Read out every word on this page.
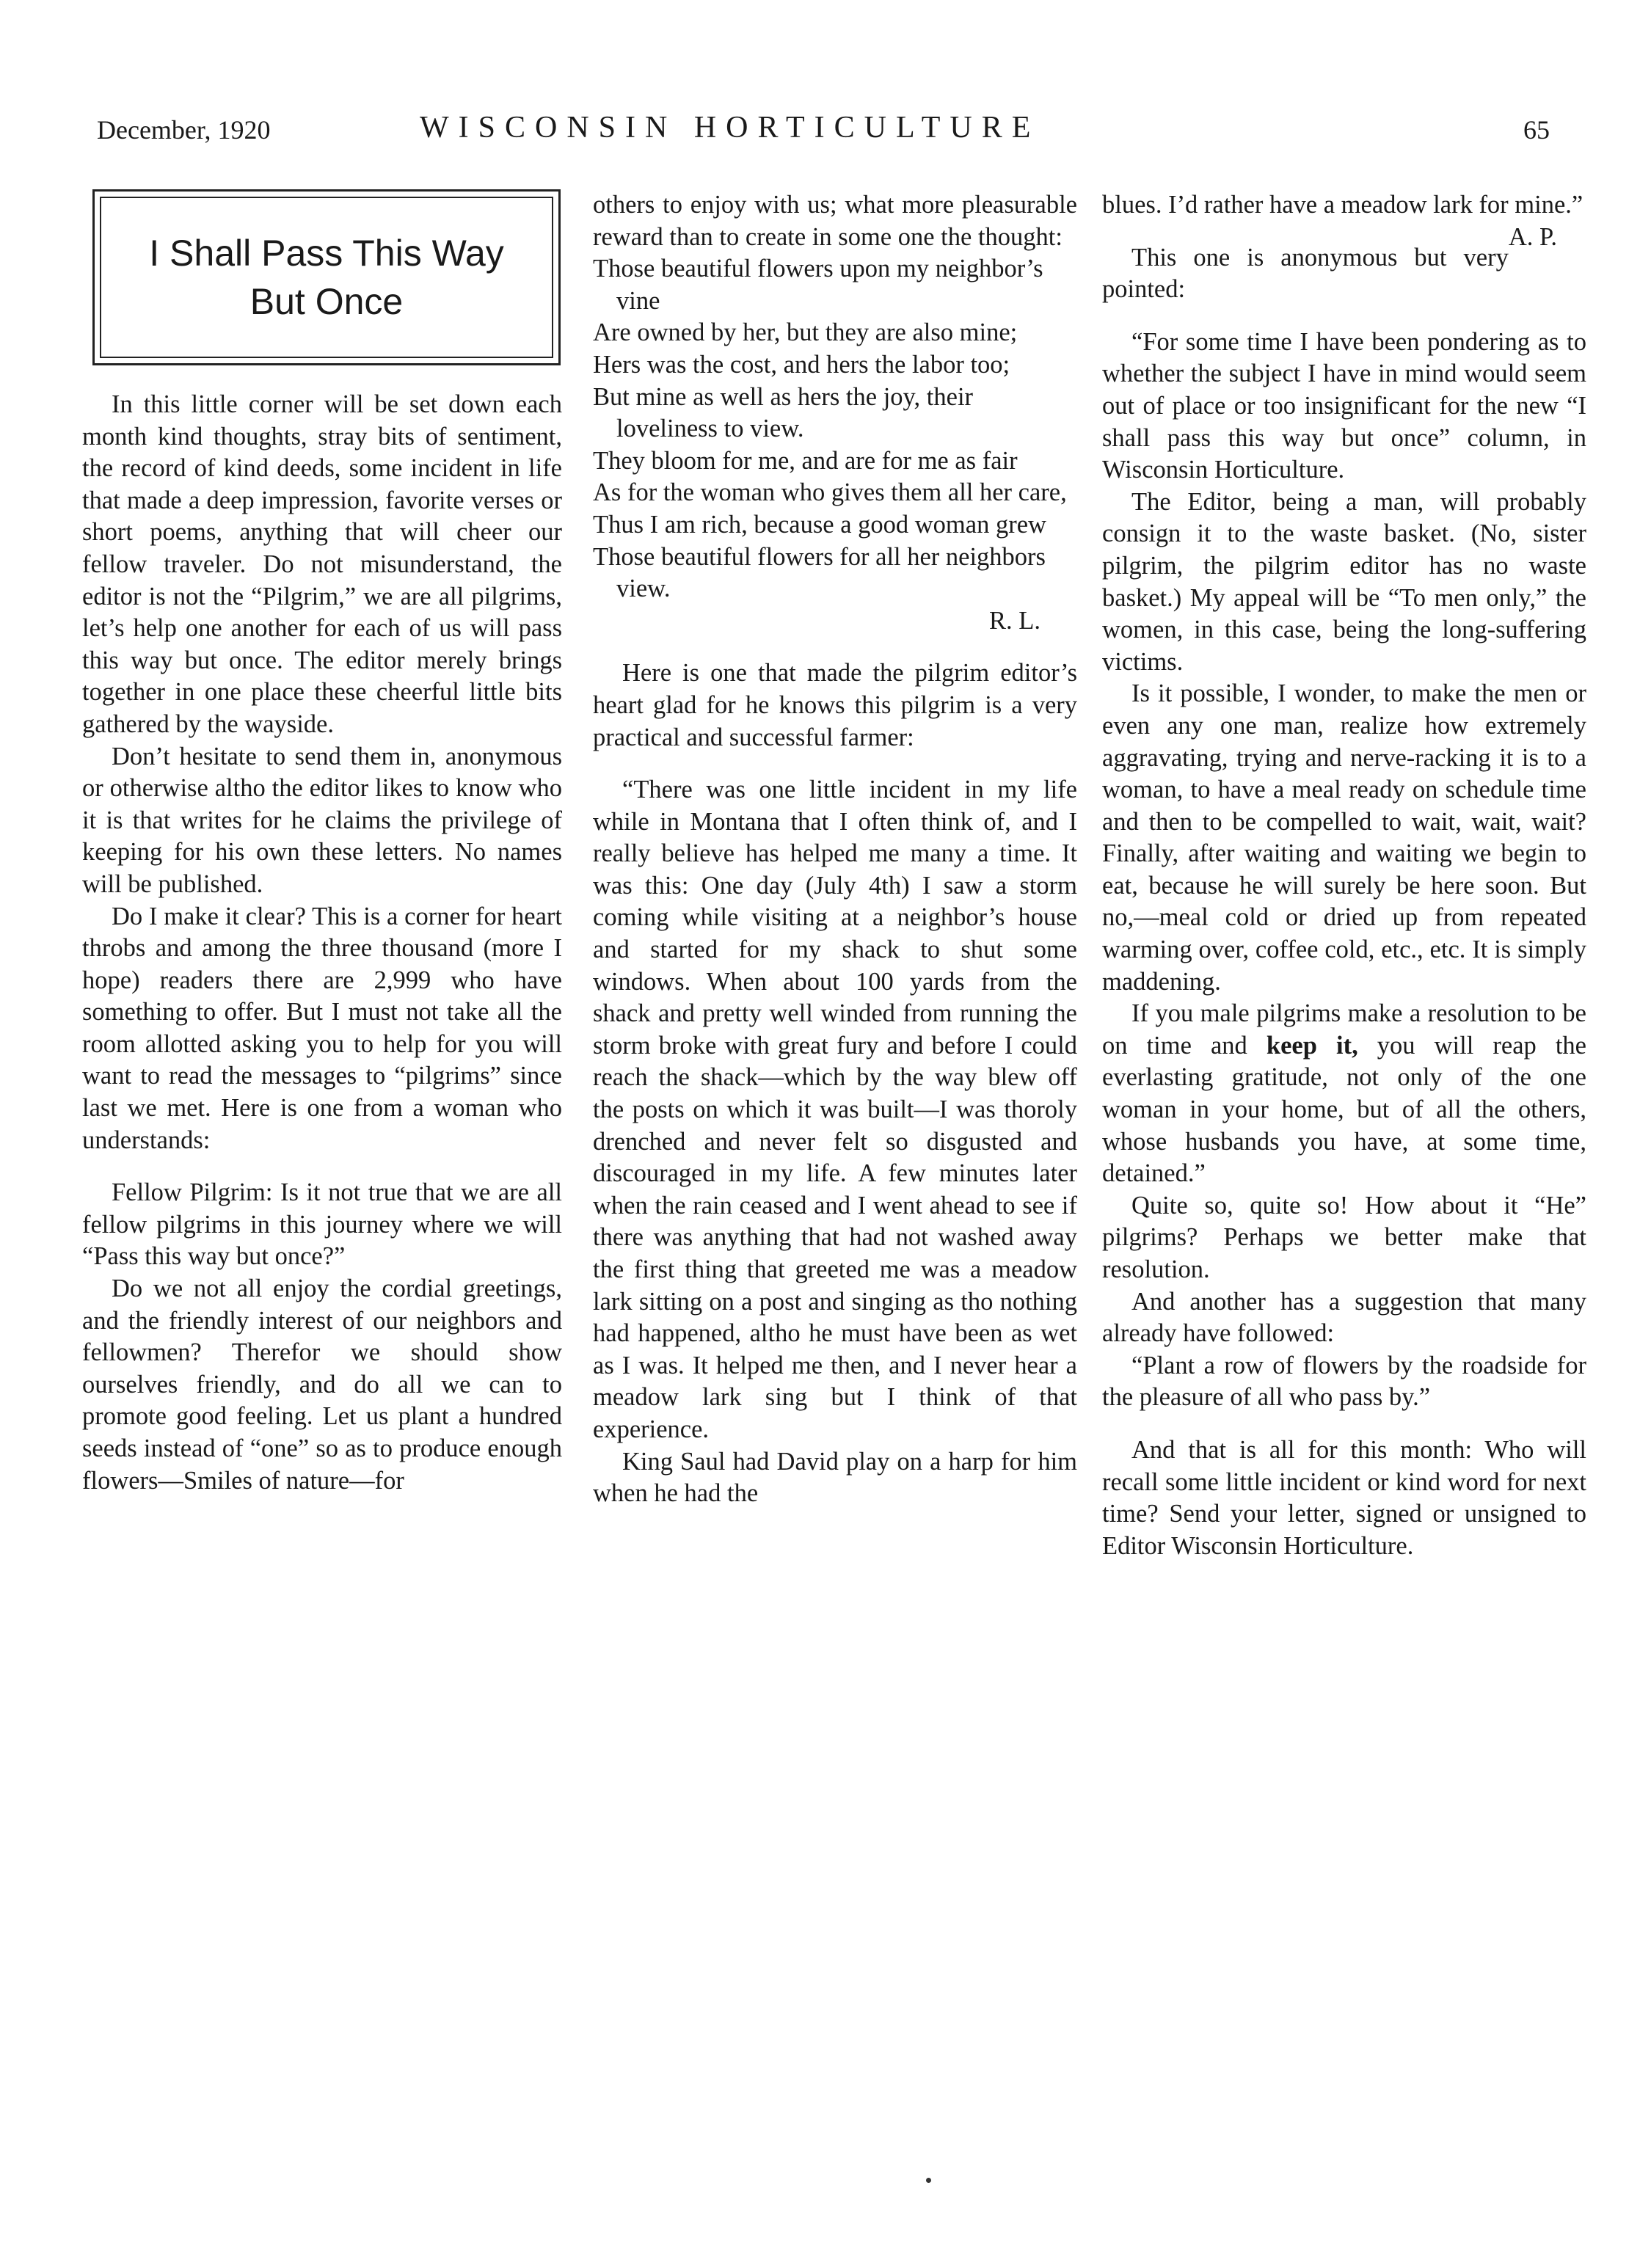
December, 1920	WISCONSIN HORTICULTURE	65
I Shall Pass This Way But Once

In this little corner will be set down each month kind thoughts, stray bits of sentiment, the record of kind deeds, some incident in life that made a deep impression, favorite verses or short poems, anything that will cheer our fellow traveler. Do not misunderstand, the editor is not the “Pilgrim,” we are all pilgrims, let’s help one another for each of us will pass this way but once. The editor merely brings together in one place these cheerful little bits gathered by the wayside.

Don’t hesitate to send them in, anonymous or otherwise altho the editor likes to know who it is that writes for he claims the privilege of keeping for his own these letters. No names will be published.

Do I make it clear? This is a corner for heart throbs and among the three thousand (more I hope) readers there are 2,999 who have something to offer. But I must not take all the room allotted asking you to help for you will want to read the messages to “pilgrims” since last we met. Here is one from a woman who understands:

Fellow Pilgrim: Is it not true that we are all fellow pilgrims in this journey where we will “Pass this way but once?”

Do we not all enjoy the cordial greetings, and the friendly interest of our neighbors and fellowmen? Therefor we should show ourselves friendly, and do all we can to promote good feeling. Let us plant a hundred seeds instead of “one” so as to produce enough flowers—Smiles of nature—for

others to enjoy with us; what more pleasurable reward than to create in some one the thought:

Those beautiful flowers upon my neighbor’s vine

Are owned by her, but they are also mine;

Hers was the cost, and hers the labor too;

But mine as well as hers the joy, their loveliness to view.

They bloom for me, and are for me as fair

As for the woman who gives them all her care,

Thus I am rich, because a good woman grew

Those beautiful flowers for all her neighbors view.

R. L.

Here is one that made the pilgrim editor’s heart glad for he knows this pilgrim is a very practical and successful farmer:

“There was one little incident in my life while in Montana that I often think of, and I really believe has helped me many a time. It was this: One day (July 4th) I saw a storm coming while visiting at a neighbor’s house and started for my shack to shut some windows. When about 100 yards from the shack and pretty well winded from running the storm broke with great fury and before I could reach the shack—which by the way blew off the posts on which it was built—I was thoroly drenched and never felt so disgusted and discouraged in my life. A few minutes later when the rain ceased and I went ahead to see if there was anything that had not washed away the first thing that greeted me was a meadow lark sitting on a post and singing as tho nothing had happened, altho he must have been as wet as I was. It helped me then, and I never hear a meadow lark sing but I think of that experience.

King Saul had David play on a harp for him when he had the

blues. I’d rather have a meadow lark for mine.”
A. P.

This one is anonymous but very pointed:

“For some time I have been pondering as to whether the subject I have in mind would seem out of place or too insignificant for the new “I shall pass this way but once” column, in Wisconsin Horticulture.

The Editor, being a man, will probably consign it to the waste basket. (No, sister pilgrim, the pilgrim editor has no waste basket.) My appeal will be “To men only,” the women, in this case, being the long-suffering victims.

Is it possible, I wonder, to make the men or even any one man, realize how extremely aggravating, trying and nerve-racking it is to a woman, to have a meal ready on schedule time and then to be compelled to wait, wait, wait? Finally, after waiting and waiting we begin to eat, because he will surely be here soon. But no,—meal cold or dried up from repeated warming over, coffee cold, etc., etc. It is simply maddening.

If you male pilgrims make a resolution to be on time and keep it, you will reap the everlasting gratitude, not only of the one woman in your home, but of all the others, whose husbands you have, at some time, detained.”

Quite so, quite so! How about it “He” pilgrims? Perhaps we better make that resolution.

And another has a suggestion that many already have followed:

“Plant a row of flowers by the roadside for the pleasure of all who pass by.”

And that is all for this month: Who will recall some little incident or kind word for next time? Send your letter, signed or unsigned to Editor Wisconsin Horticulture.
